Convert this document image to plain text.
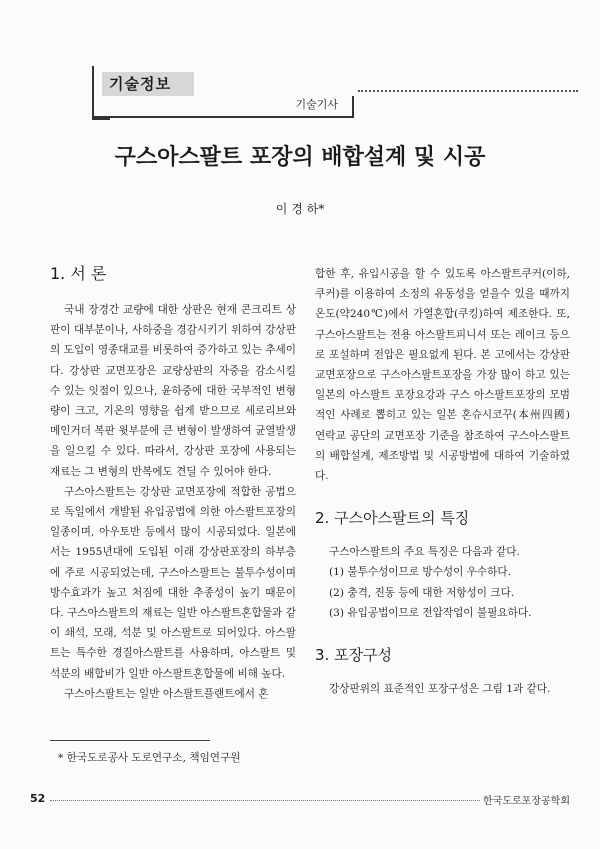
기술정보
기술기사
구스아스팔트 포장의 배합설계 및 시공
이 경 하*
1. 서 론

국내 장경간 교량에 대한 상판은 현재 콘크리트 상판이 대부분이나, 사하중을 경감시키기 위하여 강상판의 도입이 영종대교를 비롯하여 증가하고 있는 추세이다. 강상판 교면포장은 교량상판의 자중을 감소시킬 수 있는 잇점이 있으나, 윤하중에 대한 국부적인 변형량이 크고, 기온의 영향을 쉽게 받으므로 세로리브와 메인거더 복판 윗부분에 큰 변형이 발생하여 균열발생을 일으킬 수 있다. 따라서, 강상판 포장에 사용되는 재료는 그 변형의 반복에도 견딜 수 있어야 한다.

구스아스팔트는 강상판 교면포장에 적합한 공법으로 독일에서 개발된 유입공법에 의한 아스팔트포장의 일종이며, 아우토반 등에서 많이 시공되었다. 일본에서는 1955년대에 도입된 이래 강상판포장의 하부층에 주로 시공되었는데, 구스아스팔트는 불투수성이며 방수효과가 높고 처짐에 대한 추종성이 높기 때문이다. 구스아스팔트의 재료는 일반 아스팔트혼합물과 같이 쇄석, 모래, 석분 및 아스팔트로 되어있다. 아스팔트는 특수한 경질아스팔트를 사용하며, 아스팔트 및 석분의 배합비가 일반 아스팔트혼합물에 비해 높다.

구스아스팔트는 일반 아스팔트플랜트에서 혼

합한 후, 유입시공을 할 수 있도록 아스팔트쿠커(이하, 쿠커)를 이용하여 소정의 유동성을 얻을수 있을 때까지 온도(약240℃)에서 가열혼합(쿠킹)하여 제조한다. 또, 구스아스팔트는 전용 아스팔트피니셔 또는 레이크 등으로 포설하며 전압은 필요없게 된다. 본 고에서는 강상판 교면포장으로 구스아스팔트포장을 가장 많이 하고 있는 일본의 아스팔트 포장요강과 구스 아스팔트포장의 모범적인 사례로 뽑히고 있는 일본 혼슈시코꾸(本州四國) 연락교 공단의 교면포장 기준을 참조하여 구스아스팔트의 배합설계, 제조방법 및 시공방법에 대하여 기술하였다.

2. 구스아스팔트의 특징

구스아스팔트의 주요 특징은 다음과 같다.

(1) 불투수성이므로 방수성이 우수하다.
(2) 충격, 진동 등에 대한 저항성이 크다.
(3) 유입공법이므로 전압작업이 불필요하다.
3. 포장구성

강상판위의 표준적인 포장구성은 그림 1과 같다.

* 한국도로공사 도로연구소, 책임연구원
52	한국도로포장공학회
